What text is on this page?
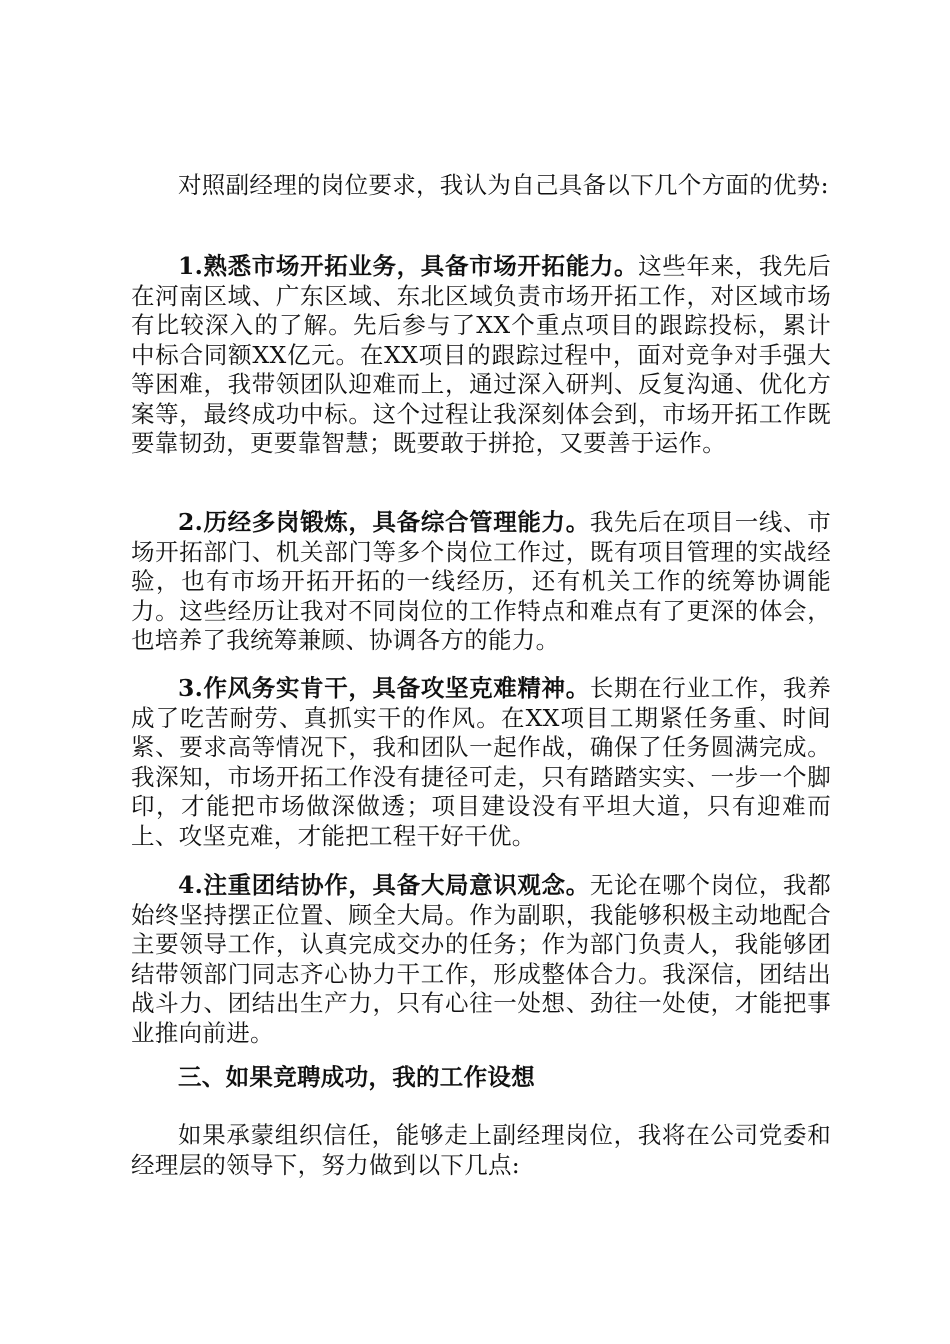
对照副经理的岗位要求，我认为自己具备以下几个方面的优势:

1.熟悉市场开拓业务，具备市场开拓能力。这些年来，我先后在河南区域、广东区域、东北区域负责市场开拓工作，对区域市场有比较深入的了解。先后参与了XX个重点项目的跟踪投标，累计中标合同额XX亿元。在XX项目的跟踪过程中，面对竞争对手强大等困难，我带领团队迎难而上，通过深入研判、反复沟通、优化方案等，最终成功中标。这个过程让我深刻体会到，市场开拓工作既要靠韧劲，更要靠智慧；既要敢于拼抢，又要善于运作。

2.历经多岗锻炼，具备综合管理能力。我先后在项目一线、市场开拓部门、机关部门等多个岗位工作过，既有项目管理的实战经验，也有市场开拓开拓的一线经历，还有机关工作的统筹协调能力。这些经历让我对不同岗位的工作特点和难点有了更深的体会，也培养了我统筹兼顾、协调各方的能力。

3.作风务实肯干，具备攻坚克难精神。长期在行业工作，我养成了吃苦耐劳、真抓实干的作风。在XX项目工期紧任务重、时间紧、要求高等情况下，我和团队一起作战，确保了任务圆满完成。我深知，市场开拓工作没有捷径可走，只有踏踏实实、一步一个脚印，才能把市场做深做透；项目建设没有平坦大道，只有迎难而上、攻坚克难，才能把工程干好干优。

4.注重团结协作，具备大局意识观念。无论在哪个岗位，我都始终坚持摆正位置、顾全大局。作为副职，我能够积极主动地配合主要领导工作，认真完成交办的任务；作为部门负责人，我能够团结带领部门同志齐心协力干工作，形成整体合力。我深信，团结出战斗力、团结出生产力，只有心往一处想、劲往一处使，才能把事业推向前进。

三、如果竞聘成功，我的工作设想

如果承蒙组织信任，能够走上副经理岗位，我将在公司党委和经理层的领导下，努力做到以下几点:
